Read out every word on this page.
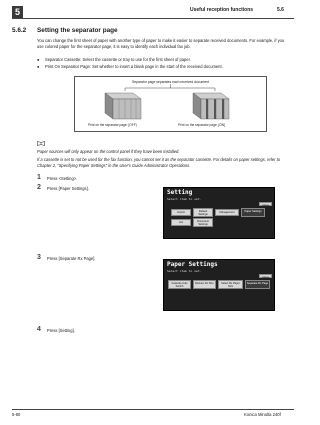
5	Useful reception functions	5.6
5.6.2 Setting the separator page
You can change the first sheet of paper with another type of paper to make it easier to separate received documents. For example, if you use colored paper for the separator page, it is easy to identify each individual fax job.
● Separator Cassette: Select the cassette or tray to use for the first sheet of paper.
● Print On Separator Page: Set whether to insert a blank page in the start of the received document.
Separator page separates each received document
Print on the separator page: [OFF]	Print on the separator page: [ON]
Paper sources will only appear on the control panel if they have been installed.
If a cassette is set to not be used for the fax function, you cannot set it as the separator cassette. For details on paper settings, refer to Chapter 2, "Specifying Paper Settings" in the User's Guide Administrator Operations.
1 Press <Setting>.
2 Press [Paper Settings].
Setting
Select item to set.
Close
Imprint	Default Settings
Management	Paper Settings
List	Document Settings
3 Press [Separate Rx Page].
Paper Settings
Select item to set.
Close
Cassette Auto Switch
Reduce Rx Size	Select Rx Paper Size
Separate Rx Page
4 Press [Setting].
5-60	Konica Minolta 240f
